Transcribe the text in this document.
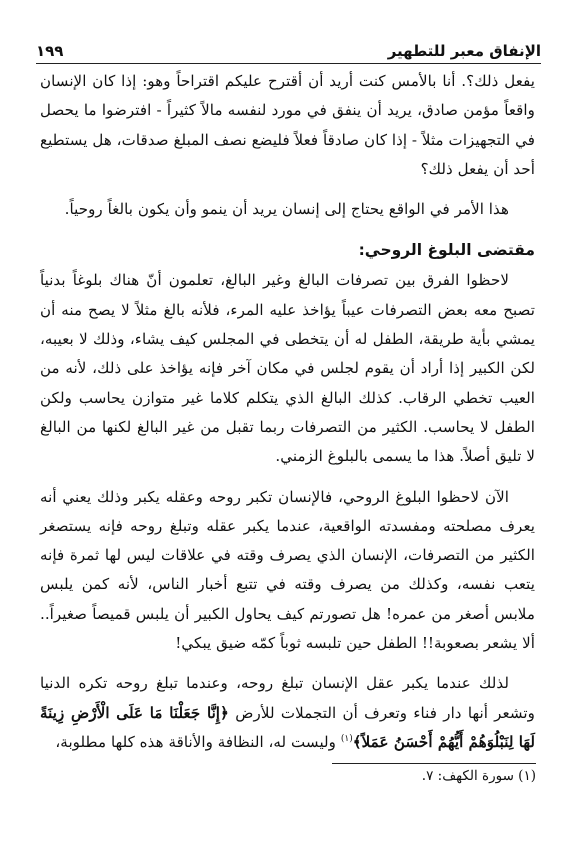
الإنفاق معبر للتطهير
١٩٩

يفعل ذلك؟. أنا بالأمس كنت أريد أن أقترح عليكم اقتراحاً وهو: إذا كان الإنسان واقعاً مؤمن صادق، يريد أن ينفق في مورد لنفسه مالاً كثيراً - افترضوا ما يحصل في التجهيزات مثلاً - إذا كان صادقاً فعلاً فليضع نصف المبلغ صدقات، هل يستطيع أحد أن يفعل ذلك؟

هذا الأمر في الواقع يحتاج إلى إنسان يريد أن ينمو وأن يكون بالغاً روحياً.

مقتضى البلوغ الروحي:

لاحظوا الفرق بين تصرفات البالغ وغير البالغ، تعلمون أنّ هناك بلوغاً بدنياً تصبح معه بعض التصرفات عيباً يؤاخذ عليه المرء، فلأنه بالغ مثلاً لا يصح منه أن يمشي بأية طريقة، الطفل له أن يتخطى في المجلس كيف يشاء، وذلك لا بعيبه، لكن الكبير إذا أراد أن يقوم لجلس في مكان آخر فإنه يؤاخذ على ذلك، لأنه من العيب تخطي الرقاب. كذلك البالغ الذي يتكلم كلاما غير متوازن يحاسب ولكن الطفل لا يحاسب. الكثير من التصرفات ربما تقبل من غير البالغ لكنها من البالغ لا تليق أصلاً. هذا ما يسمى بالبلوغ الزمني.

الآن لاحظوا البلوغ الروحي، فالإنسان تكبر روحه وعقله يكبر وذلك يعني أنه يعرف مصلحته ومفسدته الواقعية، عندما يكبر عقله وتبلغ روحه فإنه يستصغر الكثير من التصرفات، الإنسان الذي يصرف وقته في علاقات ليس لها ثمرة فإنه يتعب نفسه، وكذلك من يصرف وقته في تتبع أخبار الناس، لأنه كمن يلبس ملابس أصغر من عمره! هل تصورتم كيف يحاول الكبير أن يلبس قميصاً صغيراً.. ألا يشعر بصعوبة!! الطفل حين تلبسه ثوباً كمّه ضيق يبكي!

لذلك عندما يكبر عقل الإنسان تبلغ روحه، وعندما تبلغ روحه تكره الدنيا وتشعر أنها دار فناء وتعرف أن التجملات للأرض ﴿إِنَّا جَعَلْنَا مَا عَلَى الْأَرْضِ زِينَةً لَهَا لِنَبْلُوَهُمْ أَيُّهُمْ أَحْسَنُ عَمَلاً﴾$^{(١)}$ وليست له، النظافة والأناقة هذه كلها مطلوبة،

(١) سورة الكهف: ٧.
